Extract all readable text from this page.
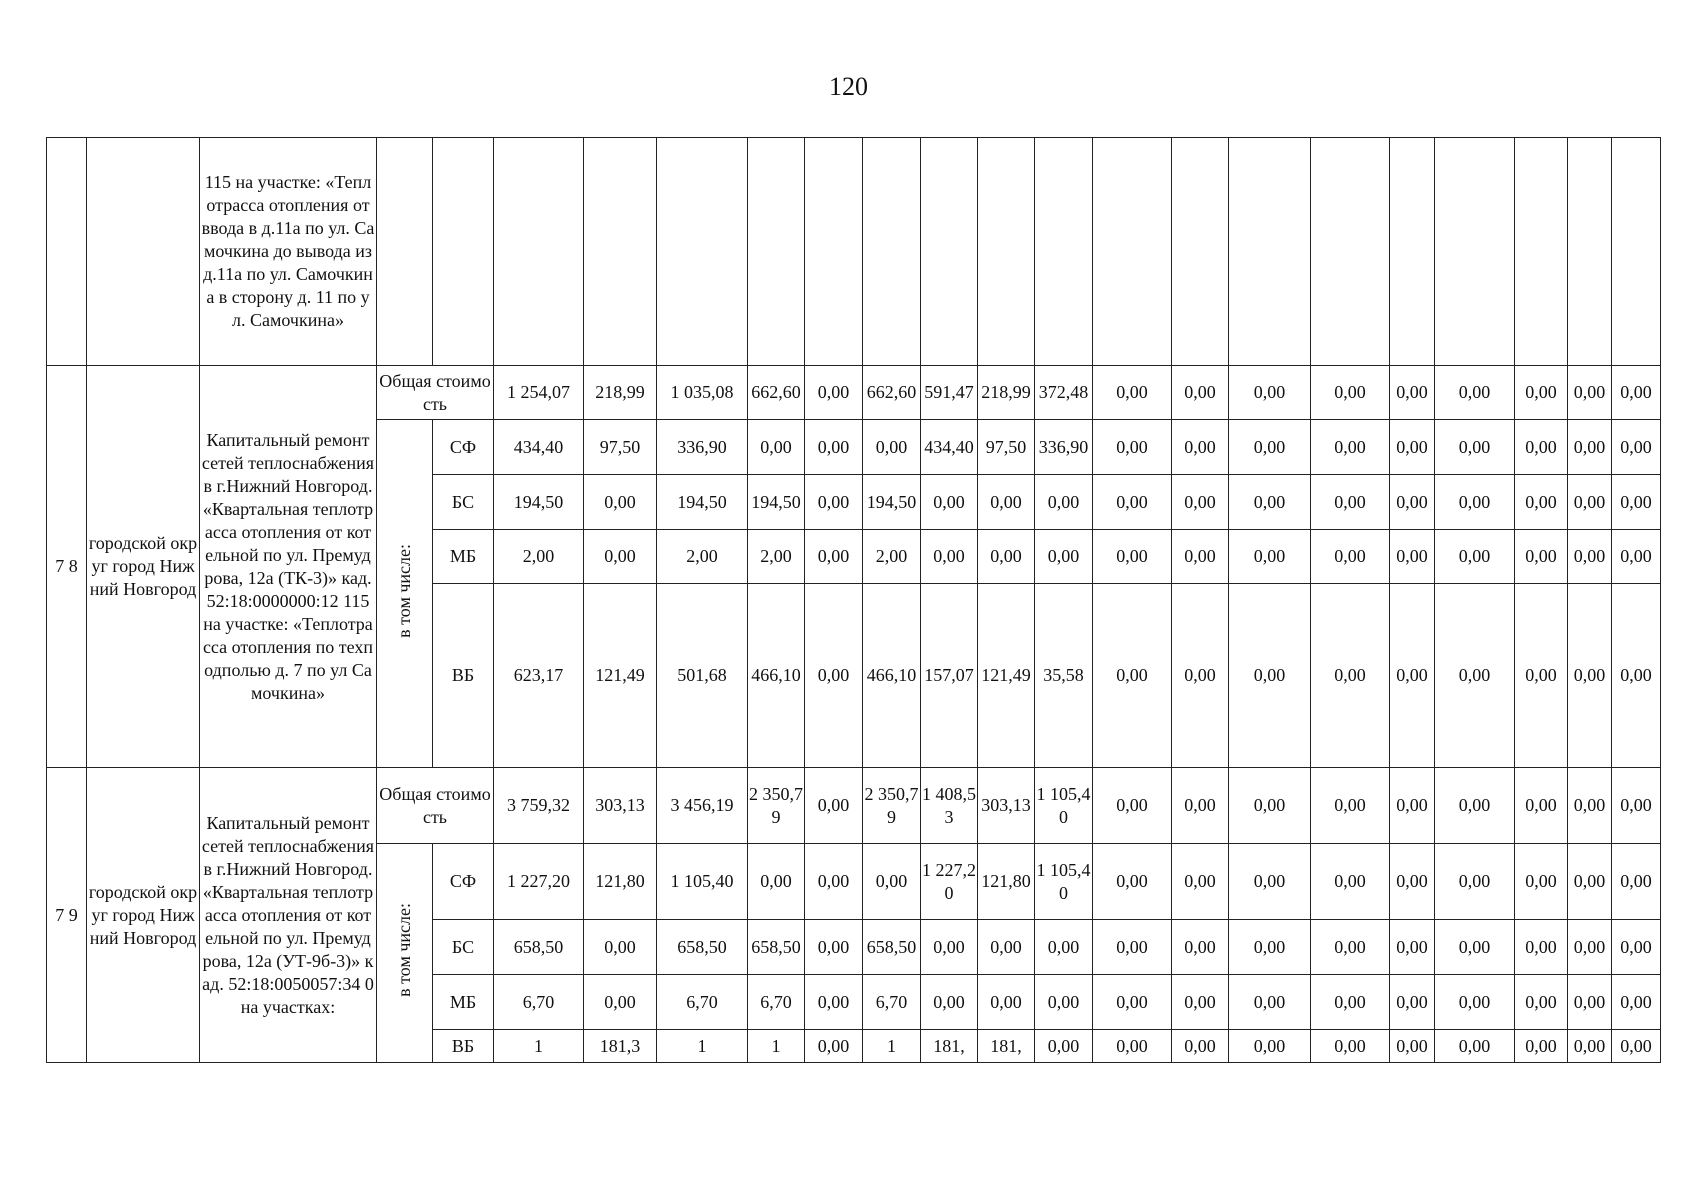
120
		115 на участке: «Теплотрасса отопления от ввода в д.11а по ул. Самочкина до вывода из д.11а по ул. Самочкина в сторону д. 11 по ул. Самочкина»																				
7 8	городской округ город Нижний Новгород	Капитальный ремонт сетей теплоснабжения в г.Нижний Новгород. «Квартальная теплотрасса отопления от котельной по ул. Премудрова, 12а (ТК-3)» кад. 52:18:0000000:12 115 на участке: «Теплотрасса отопления по техподполью д. 7 по ул Самочкина»	Общая стоимость		1 254,07	218,99	1 035,08	662,60	0,00	662,60	591,47	218,99	372,48	0,00	0,00	0,00	0,00	0,00	0,00	0,00	0,00	0,00
			в том числе:	СФ	434,40	97,50	336,90	0,00	0,00	0,00	434,40	97,50	336,90	0,00	0,00	0,00	0,00	0,00	0,00	0,00	0,00	0,00
				БС	194,50	0,00	194,50	194,50	0,00	194,50	0,00	0,00	0,00	0,00	0,00	0,00	0,00	0,00	0,00	0,00	0,00	0,00
				МБ	2,00	0,00	2,00	2,00	0,00	2,00	0,00	0,00	0,00	0,00	0,00	0,00	0,00	0,00	0,00	0,00	0,00	0,00
				ВБ	623,17	121,49	501,68	466,10	0,00	466,10	157,07	121,49	35,58	0,00	0,00	0,00	0,00	0,00	0,00	0,00	0,00	0,00
7 9	городской округ город Нижний Новгород	Капитальный ремонт сетей теплоснабжения в г.Нижний Новгород. «Квартальная теплотрасса отопления от котельной по ул. Премудрова, 12а (УТ-9б-3)» кад. 52:18:0050057:34 0 на участках:	Общая стоимость		3 759,32	303,13	3 456,19	2 350,79	0,00	2 350,79	1 408,53	303,13	1 105,40	0,00	0,00	0,00	0,00	0,00	0,00	0,00	0,00	0,00
			в том числе:	СФ	1 227,20	121,80	1 105,40	0,00	0,00	0,00	1 227,20	121,80	1 105,40	0,00	0,00	0,00	0,00	0,00	0,00	0,00	0,00	0,00
				БС	658,50	0,00	658,50	658,50	0,00	658,50	0,00	0,00	0,00	0,00	0,00	0,00	0,00	0,00	0,00	0,00	0,00	0,00
				МБ	6,70	0,00	6,70	6,70	0,00	6,70	0,00	0,00	0,00	0,00	0,00	0,00	0,00	0,00	0,00	0,00	0,00	0,00
				ВБ	1	181,3	1	1	0,00	1	181,	181,	0,00	0,00	0,00	0,00	0,00	0,00	0,00	0,00	0,00	0,00
